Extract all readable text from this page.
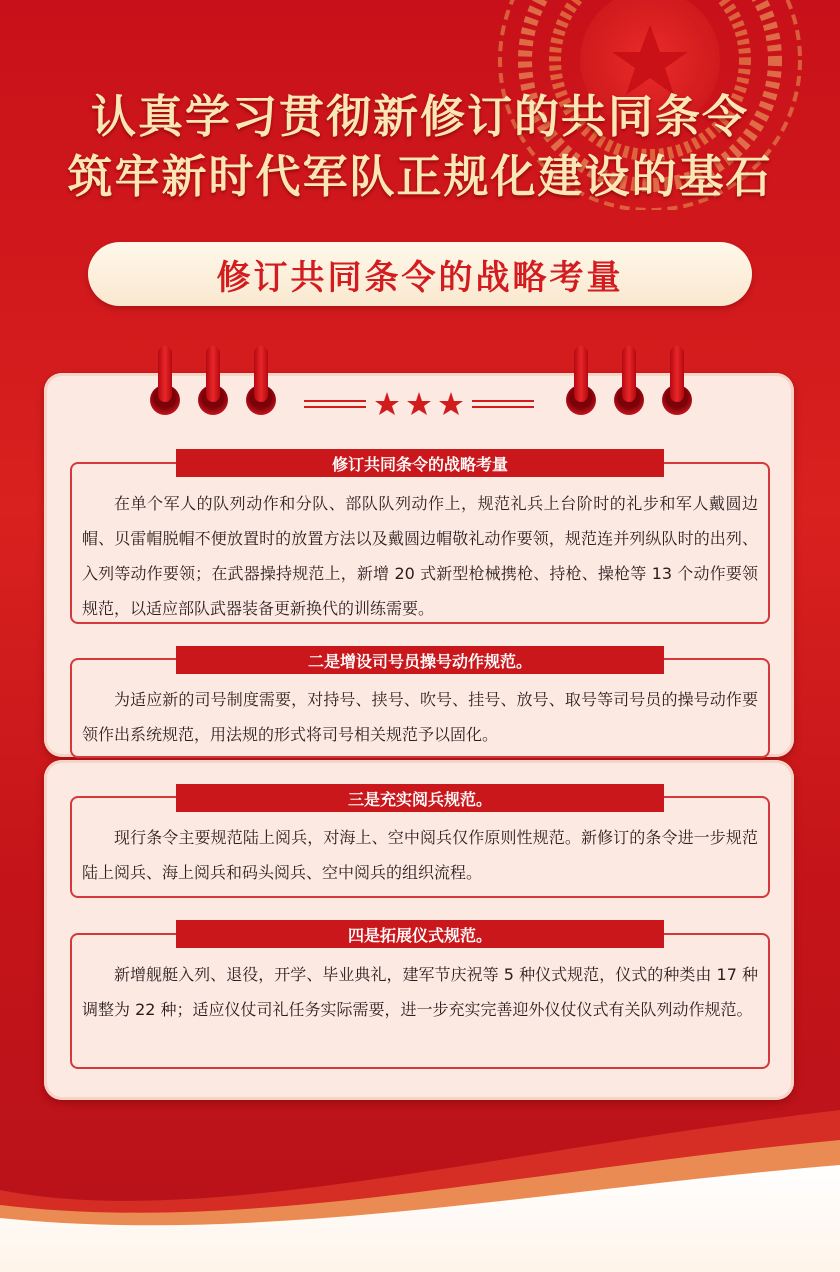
认真学习贯彻新修订的共同条令
筑牢新时代军队正规化建设的基石
修订共同条令的战略考量
在单个军人的队列动作和分队、部队队列动作上，规范礼兵上台阶时的礼步和军人戴圆边帽、贝雷帽脱帽不便放置时的放置方法以及戴圆边帽敬礼动作要领，规范连并列纵队时的出列、入列等动作要领；在武器操持规范上，新增 20 式新型枪械携枪、持枪、操枪等 13 个动作要领规范，以适应部队武器装备更新换代的训练需要。
修订共同条令的战略考量
为适应新的司号制度需要，对持号、挟号、吹号、挂号、放号、取号等司号员的操号动作要领作出系统规范，用法规的形式将司号相关规范予以固化。
二是增设司号员操号动作规范。
现行条令主要规范陆上阅兵，对海上、空中阅兵仅作原则性规范。新修订的条令进一步规范陆上阅兵、海上阅兵和码头阅兵、空中阅兵的组织流程。
三是充实阅兵规范。
新增舰艇入列、退役，开学、毕业典礼，建军节庆祝等 5 种仪式规范，仪式的种类由 17 种调整为 22 种；适应仪仗司礼任务实际需要，进一步充实完善迎外仪仗仪式有关队列动作规范。
四是拓展仪式规范。
